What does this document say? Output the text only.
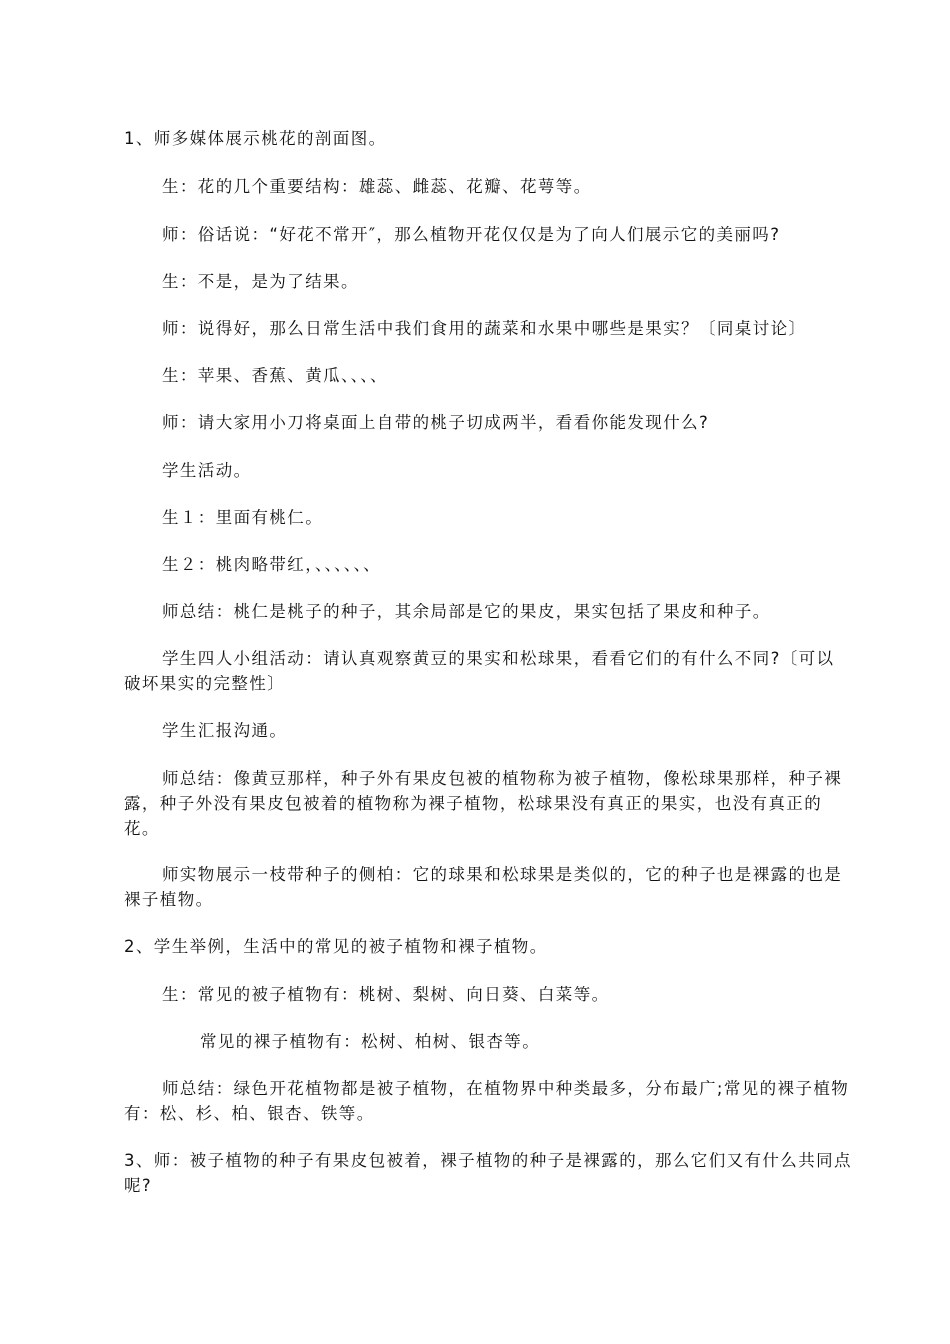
1、师多媒体展示桃花的剖面图。

生：花的几个重要结构：雄蕊、雌蕊、花瓣、花萼等。

师：俗话说：“好花不常开″，那么植物开花仅仅是为了向人们展示它的美丽吗?

生：不是，是为了结果。

师：说得好，那么日常生活中我们食用的蔬菜和水果中哪些是果实？〔同桌讨论〕

生：苹果、香蕉、黄瓜、、、、

师：请大家用小刀将桌面上自带的桃子切成两半，看看你能发现什么?

学生活动。

生１：里面有桃仁。

生２：桃肉略带红，、、、、、、

师总结：桃仁是桃子的种子，其余局部是它的果皮，果实包括了果皮和种子。

学生四人小组活动：请认真观察黄豆的果实和松球果，看看它们的有什么不同?〔可以破坏果实的完整性〕

学生汇报沟通。

师总结：像黄豆那样，种子外有果皮包被的植物称为被子植物，像松球果那样，种子裸露，种子外没有果皮包被着的植物称为裸子植物，松球果没有真正的果实，也没有真正的花。

师实物展示一枝带种子的侧柏：它的球果和松球果是类似的，它的种子也是裸露的也是裸子植物。

2、学生举例，生活中的常见的被子植物和裸子植物。

生：常见的被子植物有：桃树、梨树、向日葵、白菜等。

常见的裸子植物有：松树、柏树、银杏等。

师总结：绿色开花植物都是被子植物，在植物界中种类最多，分布最广;常见的裸子植物有：松、杉、柏、银杏、铁等。

3、师：被子植物的种子有果皮包被着，裸子植物的种子是裸露的，那么它们又有什么共同点呢?
